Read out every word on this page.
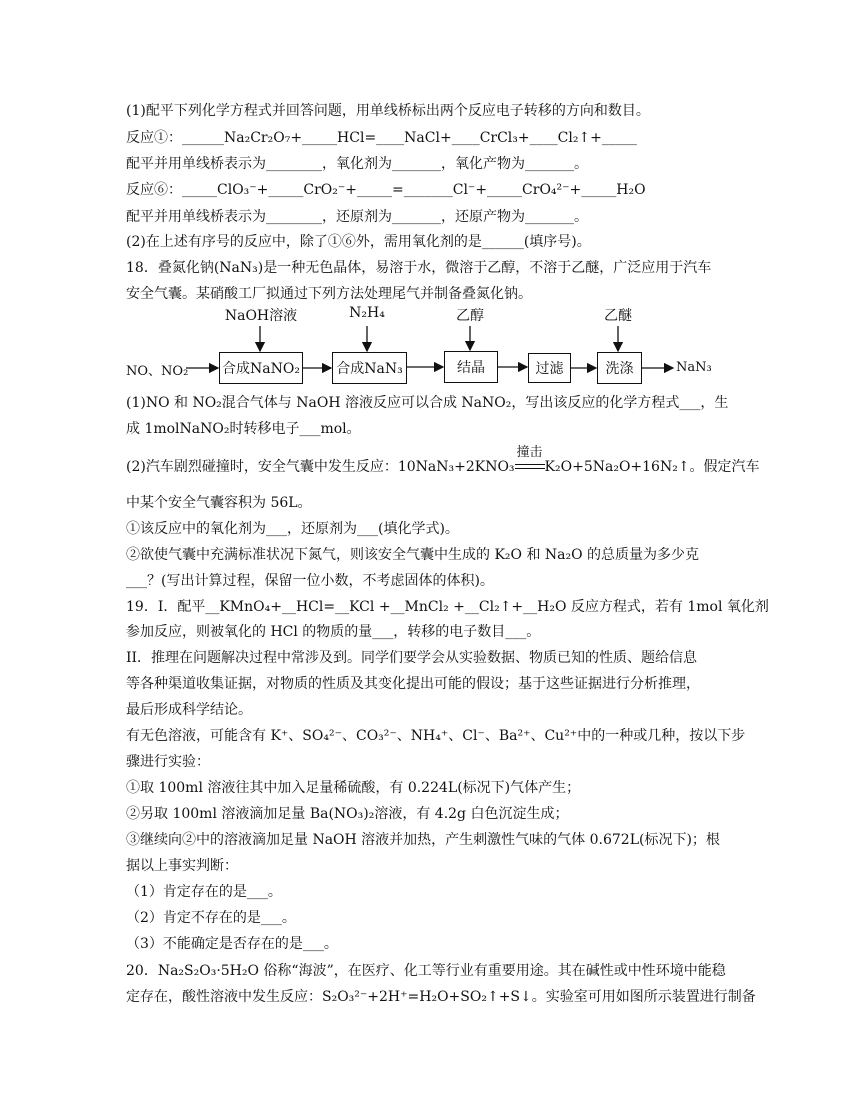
(1)配平下列化学方程式并回答问题，用单线桥标出两个反应电子转移的方向和数目。
反应①：______Na₂Cr₂O₇+_____HCl=____NaCl+____CrCl₃+____Cl₂↑+_____
配平并用单线桥表示为________，氧化剂为_______，氧化产物为_______。
反应⑥：_____ClO₃⁻+_____CrO₂⁻+_____=_______Cl⁻+_____CrO₄²⁻+_____H₂O
配平并用单线桥表示为________，还原剂为_______，还原产物为_______。
(2)在上述有序号的反应中，除了①⑥外，需用氧化剂的是______(填序号)。
18．叠氮化钠(NaN₃)是一种无色晶体，易溶于水，微溶于乙醇，不溶于乙醚，广泛应用于汽车
安全气囊。某硝酸工厂拟通过下列方法处理尾气并制备叠氮化钠。
NO、NO₂
NaOH溶液	N₂H₄	乙醇	乙醚
合成NaNO₂	合成NaN₃	结晶	过滤	洗涤	NaN₃
(1)NO 和 NO₂混合气体与 NaOH 溶液反应可以合成 NaNO₂，写出该反应的化学方程式___，生
成 1molNaNO₂时转移电子___mol。
(2)汽车剧烈碰撞时，安全气囊中发生反应：10NaN₃+2KNO₃
撞击
K₂O+5Na₂O+16N₂↑。假定汽车
中某个安全气囊容积为 56L。
①该反应中的氧化剂为___，还原剂为___(填化学式)。
②欲使气囊中充满标准状况下氮气，则该安全气囊中生成的 K₂O 和 Na₂O 的总质量为多少克
___？(写出计算过程，保留一位小数，不考虑固体的体积)。
19．I．配平__KMnO₄+__HCl=__KCl +__MnCl₂ +__Cl₂↑+__H₂O 反应方程式，若有 1mol 氧化剂
参加反应，则被氧化的 HCl 的物质的量___，转移的电子数目___。
II．推理在问题解决过程中常涉及到。同学们要学会从实验数据、物质已知的性质、题给信息
等各种渠道收集证据，对物质的性质及其变化提出可能的假设；基于这些证据进行分析推理，
最后形成科学结论。
有无色溶液，可能含有 K⁺、SO₄²⁻、CO₃²⁻、NH₄⁺、Cl⁻、Ba²⁺、Cu²⁺中的一种或几种，按以下步
骤进行实验：
①取 100ml 溶液往其中加入足量稀硫酸，有 0.224L(标况下)气体产生；
②另取 100ml 溶液滴加足量 Ba(NO₃)₂溶液，有 4.2g 白色沉淀生成；
③继续向②中的溶液滴加足量 NaOH 溶液并加热，产生刺激性气味的气体 0.672L(标况下)；根
据以上事实判断：
（1）肯定存在的是___。
（2）肯定不存在的是___。
（3）不能确定是否存在的是___。
20．Na₂S₂O₃·5H₂O 俗称“海波”，在医疗、化工等行业有重要用途。其在碱性或中性环境中能稳
定存在，酸性溶液中发生反应：S₂O₃²⁻+2H⁺=H₂O+SO₂↑+S↓。实验室可用如图所示装置进行制备
